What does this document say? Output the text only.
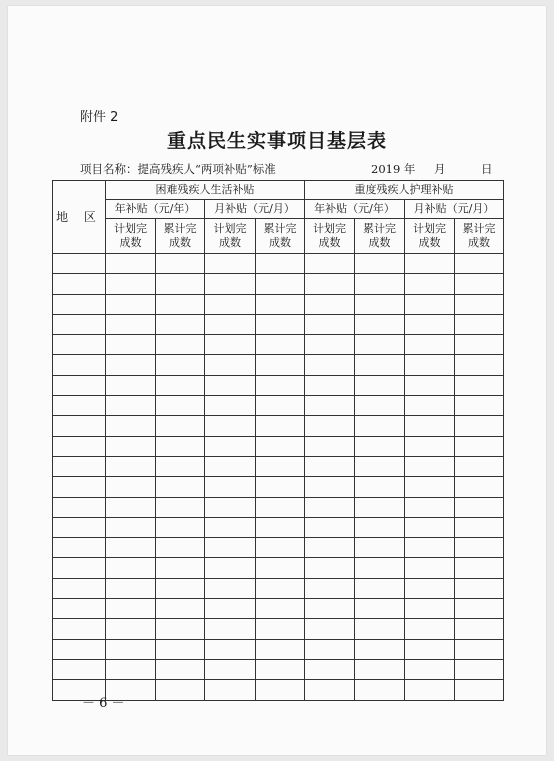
附件 2
重点民生实事项目基层表
项目名称：提高残疾人“两项补贴”标准	2019 年 月	日
地 区	困难残疾人生活补贴				重度残疾人护理补贴			
	年补贴（元/年）		月补贴（元/月）		年补贴（元/年）		月补贴（元/月）	

	计划完
成数	累计完
成数	计划完
成数	累计完
成数	计划完
成数	累计完
成数	计划完
成数	累计完
成数

－ 6 －
